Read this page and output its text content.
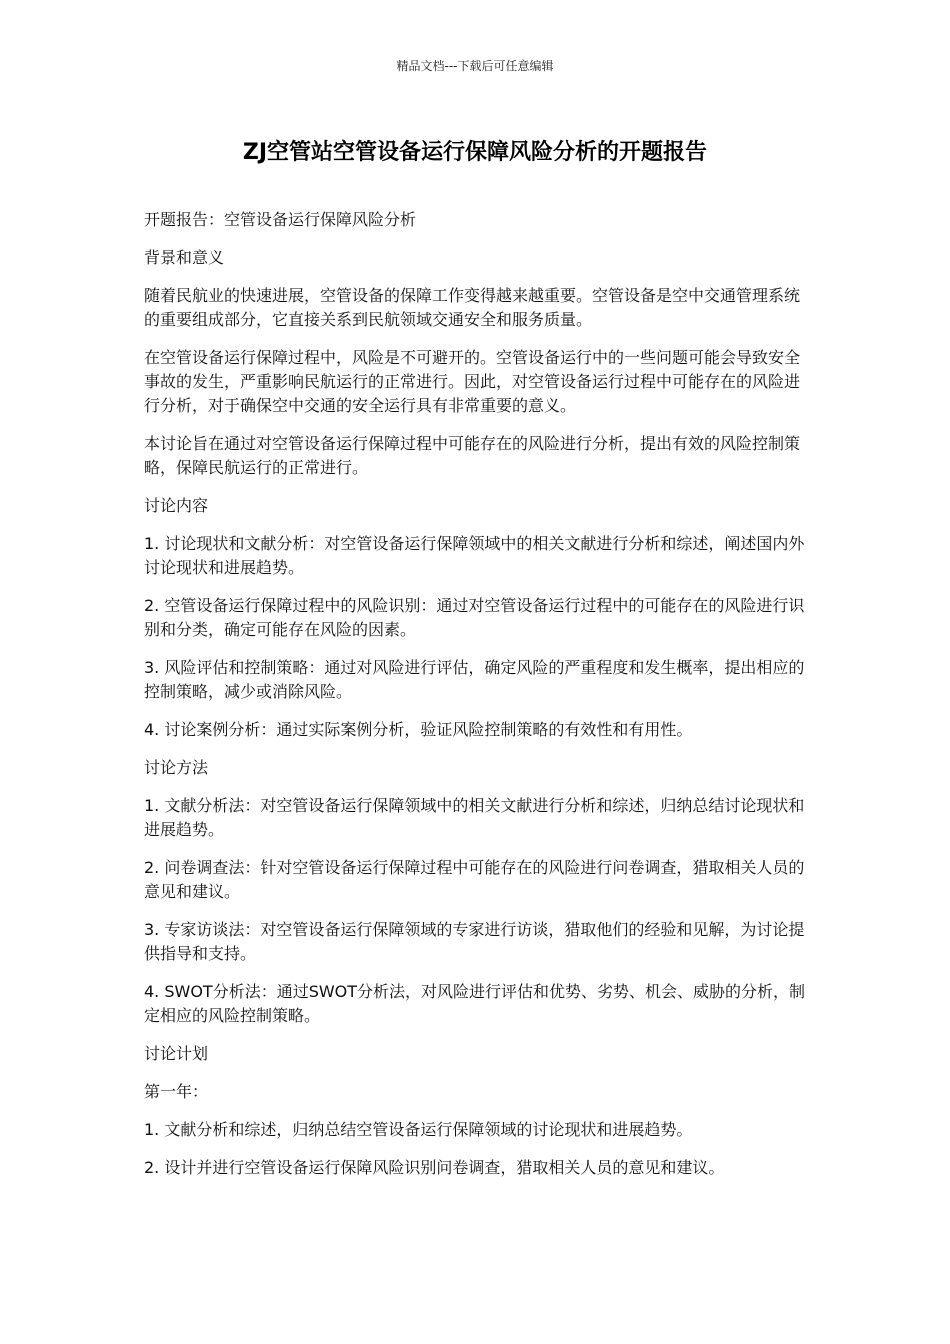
精品文档---下载后可任意编辑
ZJ空管站空管设备运行保障风险分析的开题报告

开题报告：空管设备运行保障风险分析

背景和意义

随着民航业的快速进展，空管设备的保障工作变得越来越重要。空管设备是空中交通管理系统的重要组成部分，它直接关系到民航领域交通安全和服务质量。

在空管设备运行保障过程中，风险是不可避开的。空管设备运行中的一些问题可能会导致安全事故的发生，严重影响民航运行的正常进行。因此，对空管设备运行过程中可能存在的风险进行分析，对于确保空中交通的安全运行具有非常重要的意义。

本讨论旨在通过对空管设备运行保障过程中可能存在的风险进行分析，提出有效的风险控制策略，保障民航运行的正常进行。

讨论内容

1. 讨论现状和文献分析：对空管设备运行保障领域中的相关文献进行分析和综述，阐述国内外讨论现状和进展趋势。

2. 空管设备运行保障过程中的风险识别：通过对空管设备运行过程中的可能存在的风险进行识别和分类，确定可能存在风险的因素。

3. 风险评估和控制策略：通过对风险进行评估，确定风险的严重程度和发生概率，提出相应的控制策略，减少或消除风险。

4. 讨论案例分析：通过实际案例分析，验证风险控制策略的有效性和有用性。

讨论方法

1. 文献分析法：对空管设备运行保障领域中的相关文献进行分析和综述，归纳总结讨论现状和进展趋势。

2. 问卷调查法：针对空管设备运行保障过程中可能存在的风险进行问卷调查，猎取相关人员的意见和建议。

3. 专家访谈法：对空管设备运行保障领域的专家进行访谈，猎取他们的经验和见解，为讨论提供指导和支持。

4. SWOT分析法：通过SWOT分析法，对风险进行评估和优势、劣势、机会、威胁的分析，制定相应的风险控制策略。

讨论计划

第一年：

1. 文献分析和综述，归纳总结空管设备运行保障领域的讨论现状和进展趋势。

2. 设计并进行空管设备运行保障风险识别问卷调查，猎取相关人员的意见和建议。
